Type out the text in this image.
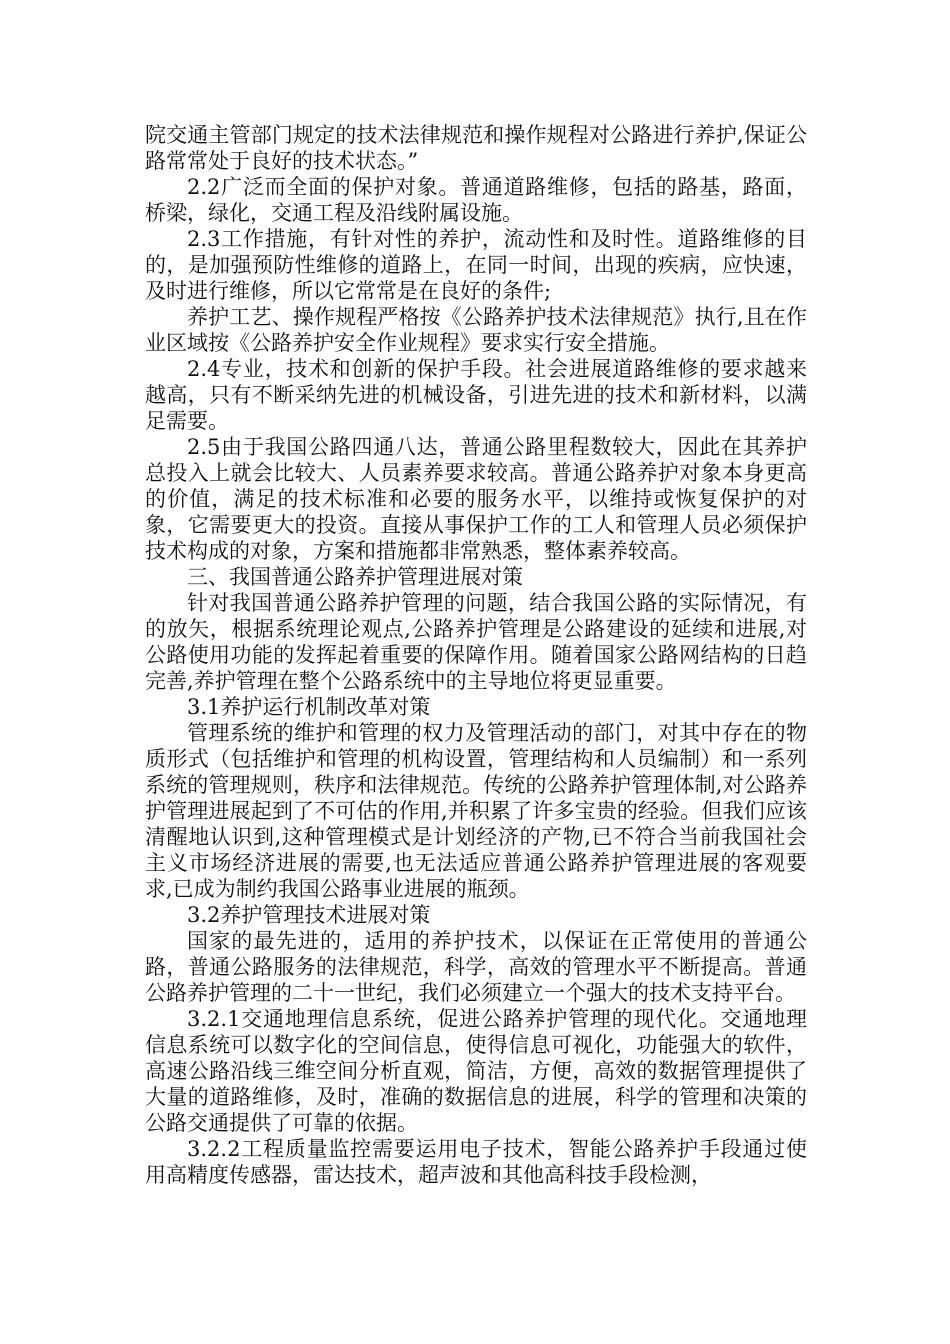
院交通主管部门规定的技术法律规范和操作规程对公路进行养护,保证公路常常处于良好的技术状态。”

2.2广泛而全面的保护对象。普通道路维修，包括的路基，路面，桥梁，绿化，交通工程及沿线附属设施。

2.3工作措施，有针对性的养护，流动性和及时性。道路维修的目的，是加强预防性维修的道路上，在同一时间，出现的疾病，应快速，及时进行维修，所以它常常是在良好的条件;

养护工艺、操作规程严格按《公路养护技术法律规范》执行,且在作业区域按《公路养护安全作业规程》要求实行安全措施。

2.4专业，技术和创新的保护手段。社会进展道路维修的要求越来越高，只有不断采纳先进的机械设备，引进先进的技术和新材料，以满足需要。

2.5由于我国公路四通八达，普通公路里程数较大，因此在其养护总投入上就会比较大、人员素养要求较高。普通公路养护对象本身更高的价值，满足的技术标准和必要的服务水平，以维持或恢复保护的对象，它需要更大的投资。直接从事保护工作的工人和管理人员必须保护技术构成的对象，方案和措施都非常熟悉，整体素养较高。

三、我国普通公路养护管理进展对策

针对我国普通公路养护管理的问题，结合我国公路的实际情况，有的放矢，根据系统理论观点,公路养护管理是公路建设的延续和进展,对公路使用功能的发挥起着重要的保障作用。随着国家公路网结构的日趋完善,养护管理在整个公路系统中的主导地位将更显重要。

3.1养护运行机制改革对策

管理系统的维护和管理的权力及管理活动的部门，对其中存在的物质形式（包括维护和管理的机构设置，管理结构和人员编制）和一系列系统的管理规则，秩序和法律规范。传统的公路养护管理体制,对公路养护管理进展起到了不可估的作用,并积累了许多宝贵的经验。但我们应该清醒地认识到,这种管理模式是计划经济的产物,已不符合当前我国社会主义市场经济进展的需要,也无法适应普通公路养护管理进展的客观要求,已成为制约我国公路事业进展的瓶颈。

3.2养护管理技术进展对策

国家的最先进的，适用的养护技术，以保证在正常使用的普通公路，普通公路服务的法律规范，科学，高效的管理水平不断提高。普通公路养护管理的二十一世纪，我们必须建立一个强大的技术支持平台。

3.2.1交通地理信息系统，促进公路养护管理的现代化。交通地理信息系统可以数字化的空间信息，使得信息可视化，功能强大的软件，高速公路沿线三维空间分析直观，简洁，方便，高效的数据管理提供了大量的道路维修，及时，准确的数据信息的进展，科学的管理和决策的公路交通提供了可靠的依据。

3.2.2工程质量监控需要运用电子技术，智能公路养护手段通过使用高精度传感器，雷达技术，超声波和其他高科技手段检测，
